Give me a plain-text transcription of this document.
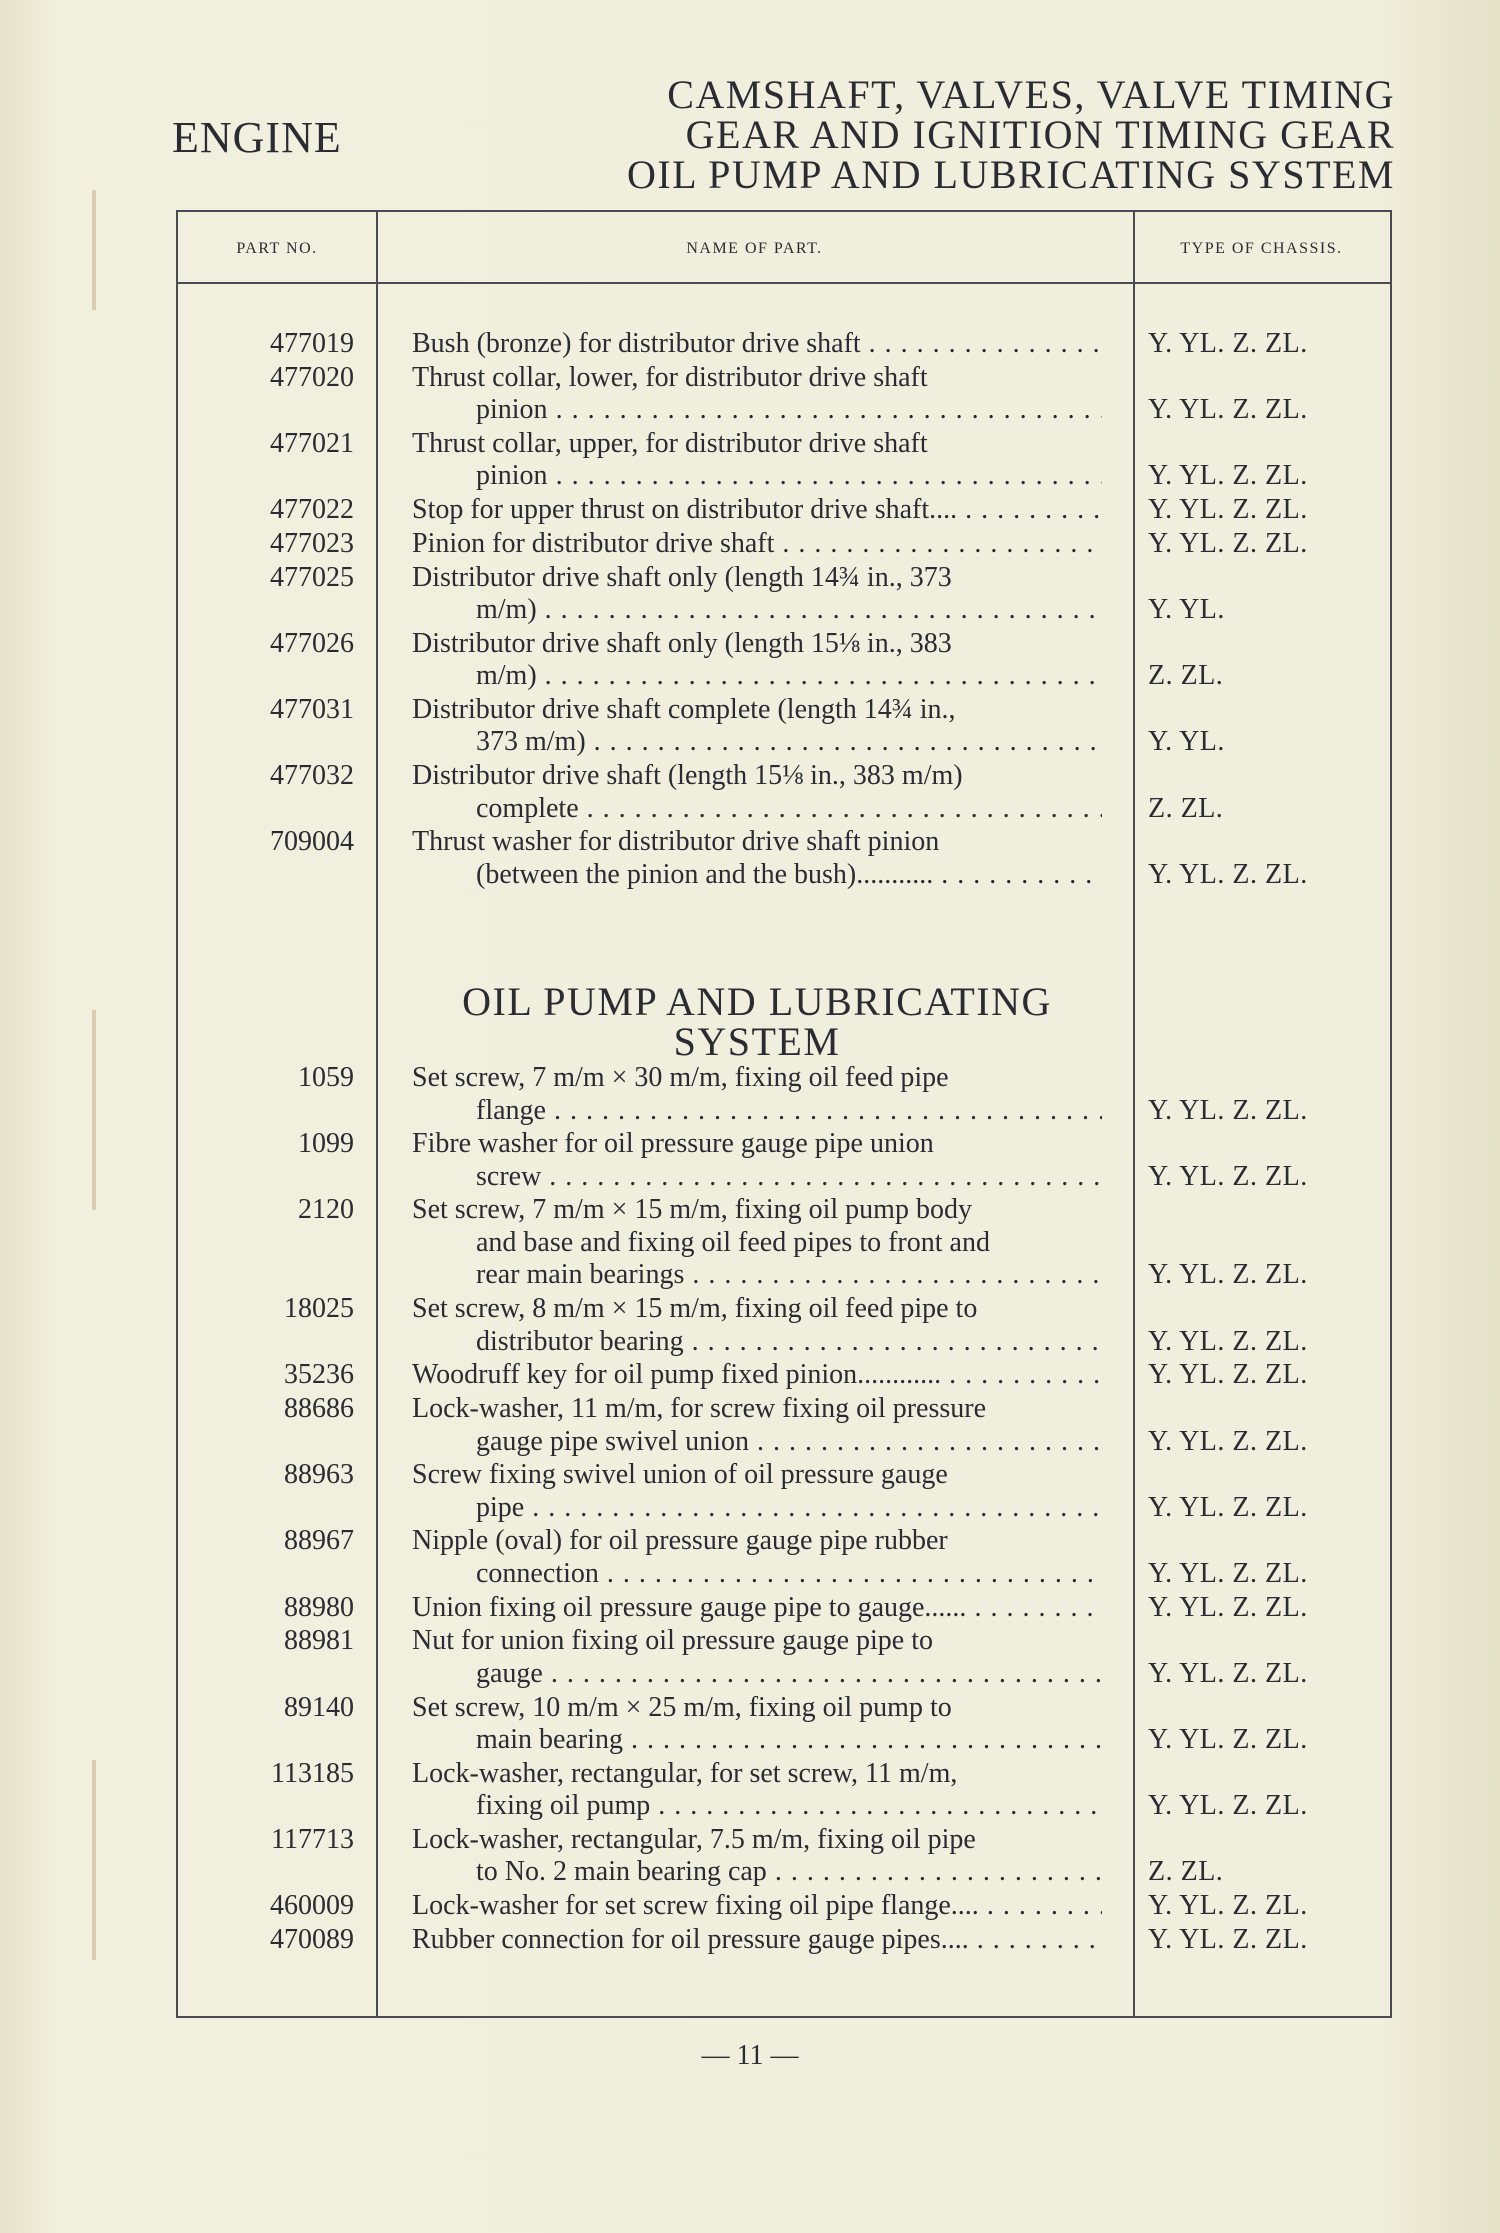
ENGINE
CAMSHAFT, VALVES, VALVE TIMING
GEAR AND IGNITION TIMING GEAR
OIL PUMP AND LUBRICATING SYSTEM
PART NO.	NAME OF PART.	TYPE OF CHASSIS.
477019 Bush (bronze) for distributor drive shaft . . .	Y. YL. Z. ZL.
477020 Thrust collar, lower, for distributor drive shaft
pinion . . .	Y. YL. Z. ZL.
477021 Thrust collar, upper, for distributor drive shaft
pinion . . .	Y. YL. Z. ZL.
477022 Stop for upper thrust on distributor drive shaft.... . . .	Y. YL. Z. ZL.
477023 Pinion for distributor drive shaft . . .	Y. YL. Z. ZL.
477025 Distributor drive shaft only (length 14¾ in., 373
m/m) . . .	Y. YL.
477026 Distributor drive shaft only (length 15⅛ in., 383
m/m) . . .	Z. ZL.
477031 Distributor drive shaft complete (length 14¾ in.,
373 m/m) . . .	Y. YL.
477032 Distributor drive shaft (length 15⅛ in., 383 m/m)
complete . . .	Z. ZL.
709004 Thrust washer for distributor drive shaft pinion
(between the pinion and the bush)........... . . .	Y. YL. Z. ZL.
OIL PUMP AND LUBRICATING
SYSTEM
1059 Set screw, 7 m/m × 30 m/m, fixing oil feed pipe
flange . . .	Y. YL. Z. ZL.
1099 Fibre washer for oil pressure gauge pipe union
screw . . .	Y. YL. Z. ZL.
2120 Set screw, 7 m/m × 15 m/m, fixing oil pump body
and base and fixing oil feed pipes to front and
rear main bearings . . .	Y. YL. Z. ZL.
18025 Set screw, 8 m/m × 15 m/m, fixing oil feed pipe to
distributor bearing . . .	Y. YL. Z. ZL.
35236 Woodruff key for oil pump fixed pinion............ . . .	Y. YL. Z. ZL.
88686 Lock-washer, 11 m/m, for screw fixing oil pressure
gauge pipe swivel union . . .	Y. YL. Z. ZL.
88963 Screw fixing swivel union of oil pressure gauge
pipe . . .	Y. YL. Z. ZL.
88967 Nipple (oval) for oil pressure gauge pipe rubber
connection . . .	Y. YL. Z. ZL.
88980 Union fixing oil pressure gauge pipe to gauge...... . . .	Y. YL. Z. ZL.
88981 Nut for union fixing oil pressure gauge pipe to
gauge . . .	Y. YL. Z. ZL.
89140 Set screw, 10 m/m × 25 m/m, fixing oil pump to
main bearing . . .	Y. YL. Z. ZL.
113185 Lock-washer, rectangular, for set screw, 11 m/m,
fixing oil pump . . .	Y. YL. Z. ZL.
117713 Lock-washer, rectangular, 7.5 m/m, fixing oil pipe
to No. 2 main bearing cap . . .	Z. ZL.
460009 Lock-washer for set screw fixing oil pipe flange.... . . .	Y. YL. Z. ZL.
470089 Rubber connection for oil pressure gauge pipes.... . . .	Y. YL. Z. ZL.
— 11 —
